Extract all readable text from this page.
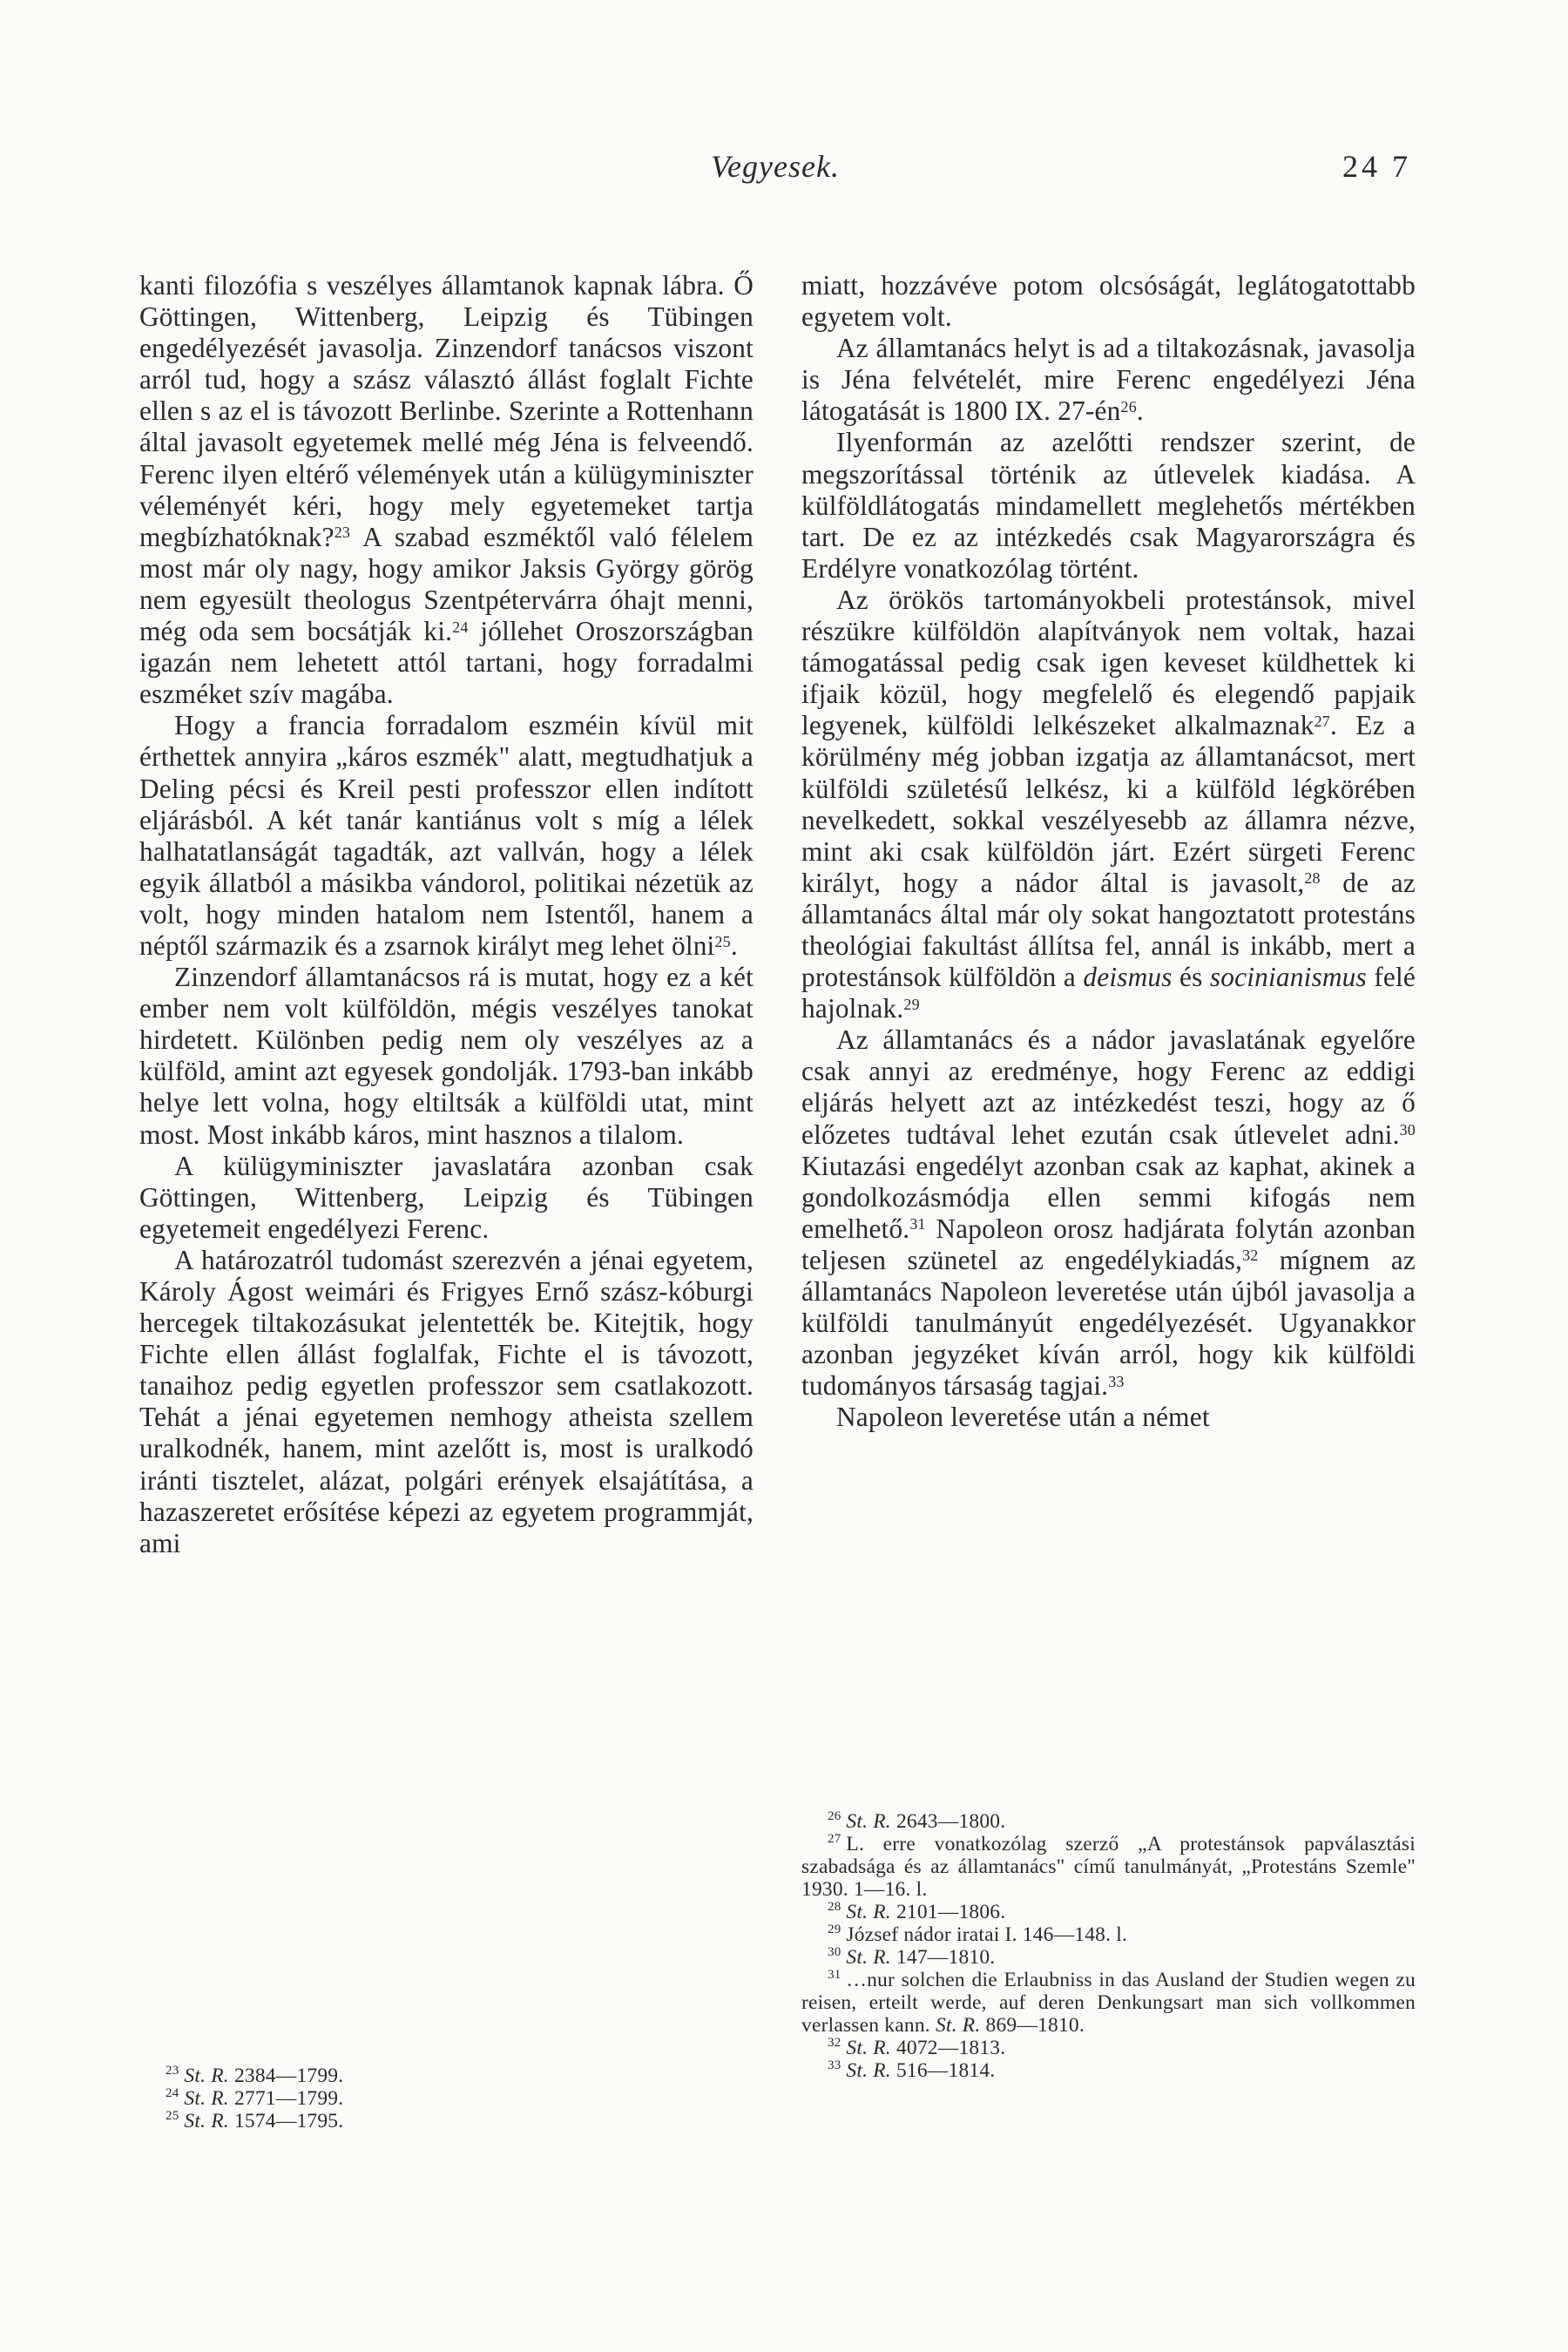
Vegyesek.	24 7

kanti filozófia s veszélyes államtanok kapnak lábra. Ő Göttingen, Wittenberg, Leipzig és Tübingen engedélyezését javasolja. Zinzendorf tanácsos viszont arról tud, hogy a szász választó állást foglalt Fichte ellen s az el is távozott Berlinbe. Szerinte a Rottenhann által javasolt egyetemek mellé még Jéna is felveendő. Ferenc ilyen eltérő vélemények után a külügyminiszter véleményét kéri, hogy mely egyetemeket tartja megbízhatóknak?$^{23}$ A szabad eszméktől való félelem most már oly nagy, hogy amikor Jaksis György görög nem egyesült theologus Szentpétervárra óhajt menni, még oda sem bocsátják ki.$^{24}$ jóllehet Oroszországban igazán nem lehetett attól tartani, hogy forradalmi eszméket szív magába.

Hogy a francia forradalom eszméin kívül mit érthettek annyira „káros eszmék" alatt, megtudhatjuk a Deling pécsi és Kreil pesti professzor ellen indított eljárásból. A két tanár kantiánus volt s míg a lélek halhatatlanságát tagadták, azt vallván, hogy a lélek egyik állatból a másikba vándorol, politikai nézetük az volt, hogy minden hatalom nem Istentől, hanem a néptől származik és a zsarnok királyt meg lehet ölni$^{25}$.

Zinzendorf államtanácsos rá is mutat, hogy ez a két ember nem volt külföldön, mégis veszélyes tanokat hirdetett. Különben pedig nem oly veszélyes az a külföld, amint azt egyesek gondolják. 1793-ban inkább helye lett volna, hogy eltiltsák a külföldi utat, mint most. Most inkább káros, mint hasznos a tilalom.

A külügyminiszter javaslatára azonban csak Göttingen, Wittenberg, Leipzig és Tübingen egyetemeit engedélyezi Ferenc.

A határozatról tudomást szerezvén a jénai egyetem, Károly Ágost weimári és Frigyes Ernő szász-kóburgi hercegek tiltakozásukat jelentették be. Kitejtik, hogy Fichte ellen állást foglalfak, Fichte el is távozott, tanaihoz pedig egyetlen professzor sem csatlakozott. Tehát a jénai egyetemen nemhogy atheista szellem uralkodnék, hanem, mint azelőtt is, most is uralkodó iránti tisztelet, alázat, polgári erények elsajátítása, a hazaszeretet erősítése képezi az egyetem programmját, ami

miatt, hozzávéve potom olcsóságát, leglátogatottabb egyetem volt.

Az államtanács helyt is ad a tiltakozásnak, javasolja is Jéna felvételét, mire Ferenc engedélyezi Jéna látogatását is 1800 IX. $27-én^{26}$.

Ilyenformán az azelőtti rendszer szerint, de megszorítással történik az útlevelek kiadása. A külföldlátogatás mindamellett meglehetős mértékben tart. De ez az intézkedés csak Magyarországra és Erdélyre vonatkozólag történt.

Az örökös tartományokbeli protestánsok, mivel részükre külföldön alapítványok nem voltak, hazai támogatással pedig csak igen keveset küldhettek ki ifjaik közül, hogy megfelelő és elegendő papjaik legyenek, külföldi lelkészeket alkalmaznak$^{27}$. Ez a körülmény még jobban izgatja az államtanácsot, mert külföldi születésű lelkész, ki a külföld légkörében nevelkedett, sokkal veszélyesebb az államra nézve, mint aki csak külföldön járt. Ezért sürgeti Ferenc királyt, hogy a nádor által is javasolt,$^{28}$ de az államtanács által már oly sokat hangoztatott protestáns theológiai fakultást állítsa fel, annál is inkább, mert a protestánsok külföldön a deismus és socinianismus felé hajolnak.$^{29}$

Az államtanács és a nádor javaslatának egyelőre csak annyi az eredménye, hogy Ferenc az eddigi eljárás helyett azt az intézkedést teszi, hogy az ő előzetes tudtával lehet ezután csak útlevelet adni.$^{30}$ Kiutazási engedélyt azonban csak az kaphat, akinek a gondolkozásmódja ellen semmi kifogás nem emelhető.$^{31}$ Napoleon orosz hadjárata folytán azonban teljesen szünetel az engedélykiadás,$^{32}$ mígnem az államtanács Napoleon leveretése után újból javasolja a külföldi tanulmányút engedélyezését. Ugyanakkor azonban jegyzéket kíván arról, hogy kik külföldi tudományos társaság tagjai.$^{33}$

Napoleon leveretése után a német

$^{23}$ St. R. 2384—1799.

$^{24}$ St. R. 2771—1799.

$^{25}$ St. R. 1574—1795.

$^{26}$ St. R. 2643—1800.

$^{27}$ L. erre vonatkozólag szerző „A protestánsok papválasztási szabadsága és az államtanács" című tanulmányát, „Protestáns Szemle" 1930. 1—16. l.

$^{28}$ St. R. 2101—1806.

$^{29}$ József nádor iratai I. 146—148. l.

$^{30}$ St. R. 147—1810.

$^{31}$ …nur solchen die Erlaubniss in das Ausland der Studien wegen zu reisen, erteilt werde, auf deren Denkungsart man sich vollkommen verlassen kann. St. R. 869—1810.

$^{32}$ St. R. 4072—1813.

$^{33}$ St. R. 516—1814.
